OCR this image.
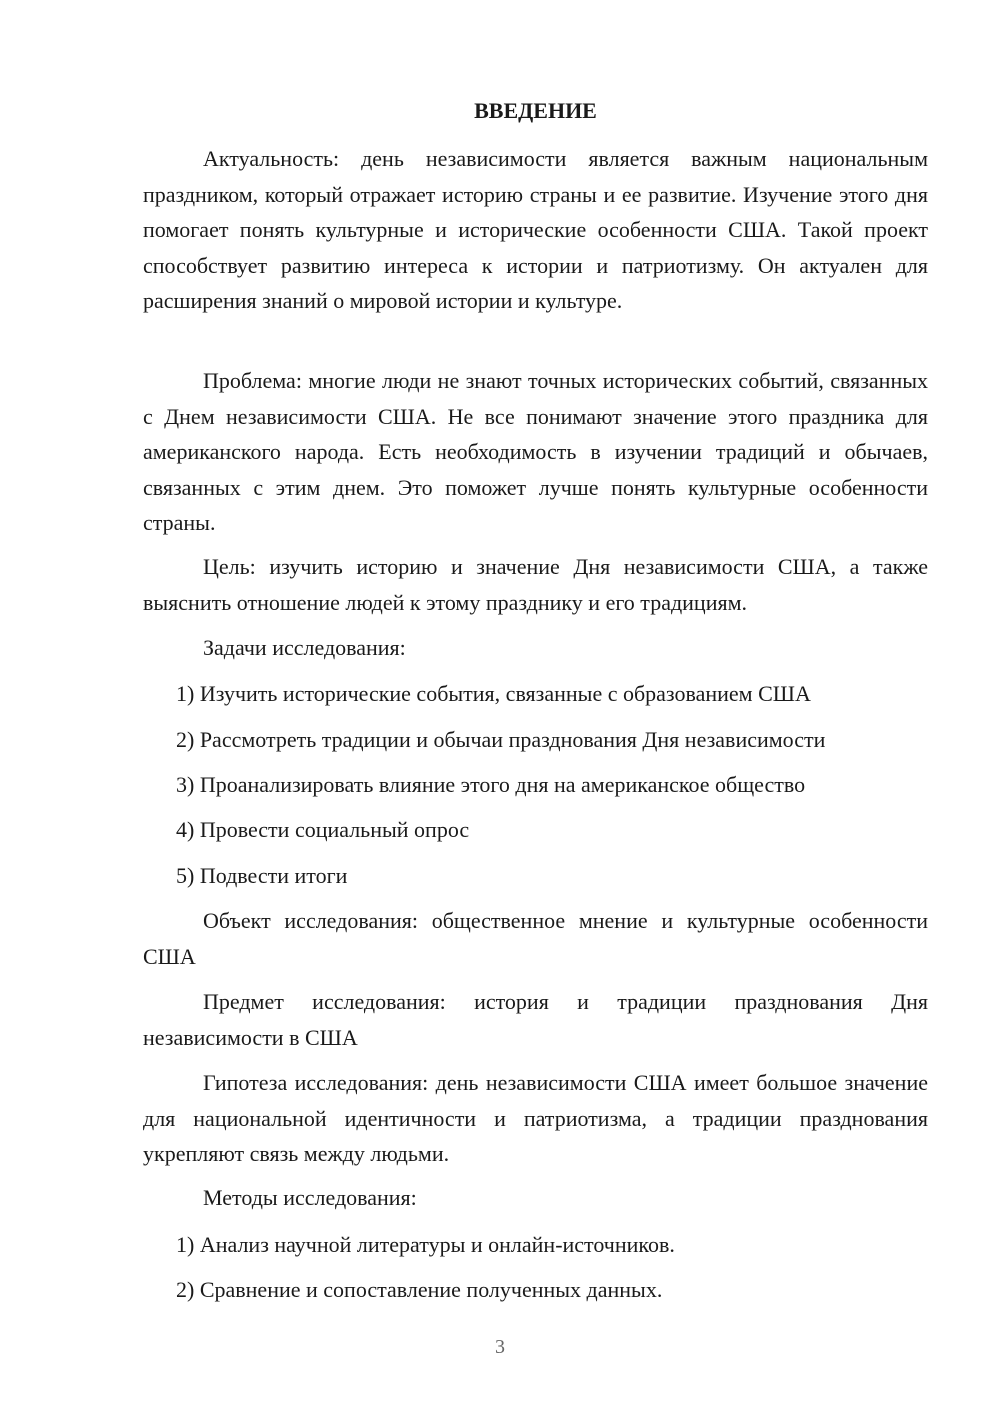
ВВЕДЕНИЕ

Актуальность: день независимости является важным национальным праздником, который отражает историю страны и ее развитие. Изучение этого дня помогает понять культурные и исторические особенности США. Такой проект способствует развитию интереса к истории и патриотизму. Он актуален для расширения знаний о мировой истории и культуре.

Проблема: многие люди не знают точных исторических событий, связанных с Днем независимости США. Не все понимают значение этого праздника для американского народа. Есть необходимость в изучении традиций и обычаев, связанных с этим днем. Это поможет лучше понять культурные особенности страны.

Цель: изучить историю и значение Дня независимости США, а также выяснить отношение людей к этому празднику и его традициям.

Задачи исследования:
1) Изучить исторические события, связанные с образованием США
2) Рассмотреть традиции и обычаи празднования Дня независимости
3) Проанализировать влияние этого дня на американское общество
4) Провести социальный опрос
5) Подвести итоги

Объект исследования: общественное мнение и культурные особенности США

Предмет исследования: история и традиции празднования Дня независимости в США

Гипотеза исследования: день независимости США имеет большое значение для национальной идентичности и патриотизма, а традиции празднования укрепляют связь между людьми.

Методы исследования:
1) Анализ научной литературы и онлайн-источников.
2) Сравнение и сопоставление полученных данных.
3
